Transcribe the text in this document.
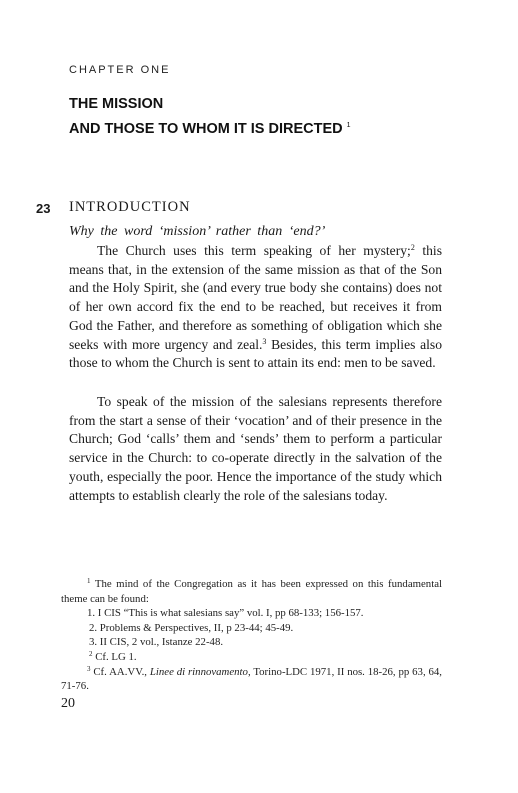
CHAPTER ONE
THE MISSION
AND THOSE TO WHOM IT IS DIRECTED $^1$
23 INTRODUCTION
Why the word ‘mission’ rather than ‘end?’

The Church uses this term speaking of her mystery;$^2$ this means that, in the extension of the same mission as that of the Son and the Holy Spirit, she (and every true body she contains) does not of her own accord fix the end to be reached, but receives it from God the Father, and therefore as something of obligation which she seeks with more urgency and zeal.$^3$ Besides, this term implies also those to whom the Church is sent to attain its end: men to be saved.

To speak of the mission of the salesians represents therefore from the start a sense of their ‘vocation’ and of their presence in the Church; God ‘calls’ them and ‘sends’ them to perform a particular service in the Church: to co-operate directly in the salvation of the youth, especially the poor. Hence the importance of the study which attempts to establish clearly the role of the salesians today.

$^1$ The mind of the Congregation as it has been expressed on this fundamental theme can be found:

1. I CIS “This is what salesians say” vol. I, pp 68-133; 156-157.

2. Problems & Perspectives, II, p 23-44; 45-49.

3. II CIS, 2 vol., Istanze 22-48.

$^2$ Cf. LG 1.

$^3$ Cf. AA.VV., Linee di rinnovamento, Torino-LDC 1971, II nos. 18-26, pp 63, 64, 71-76.

20
